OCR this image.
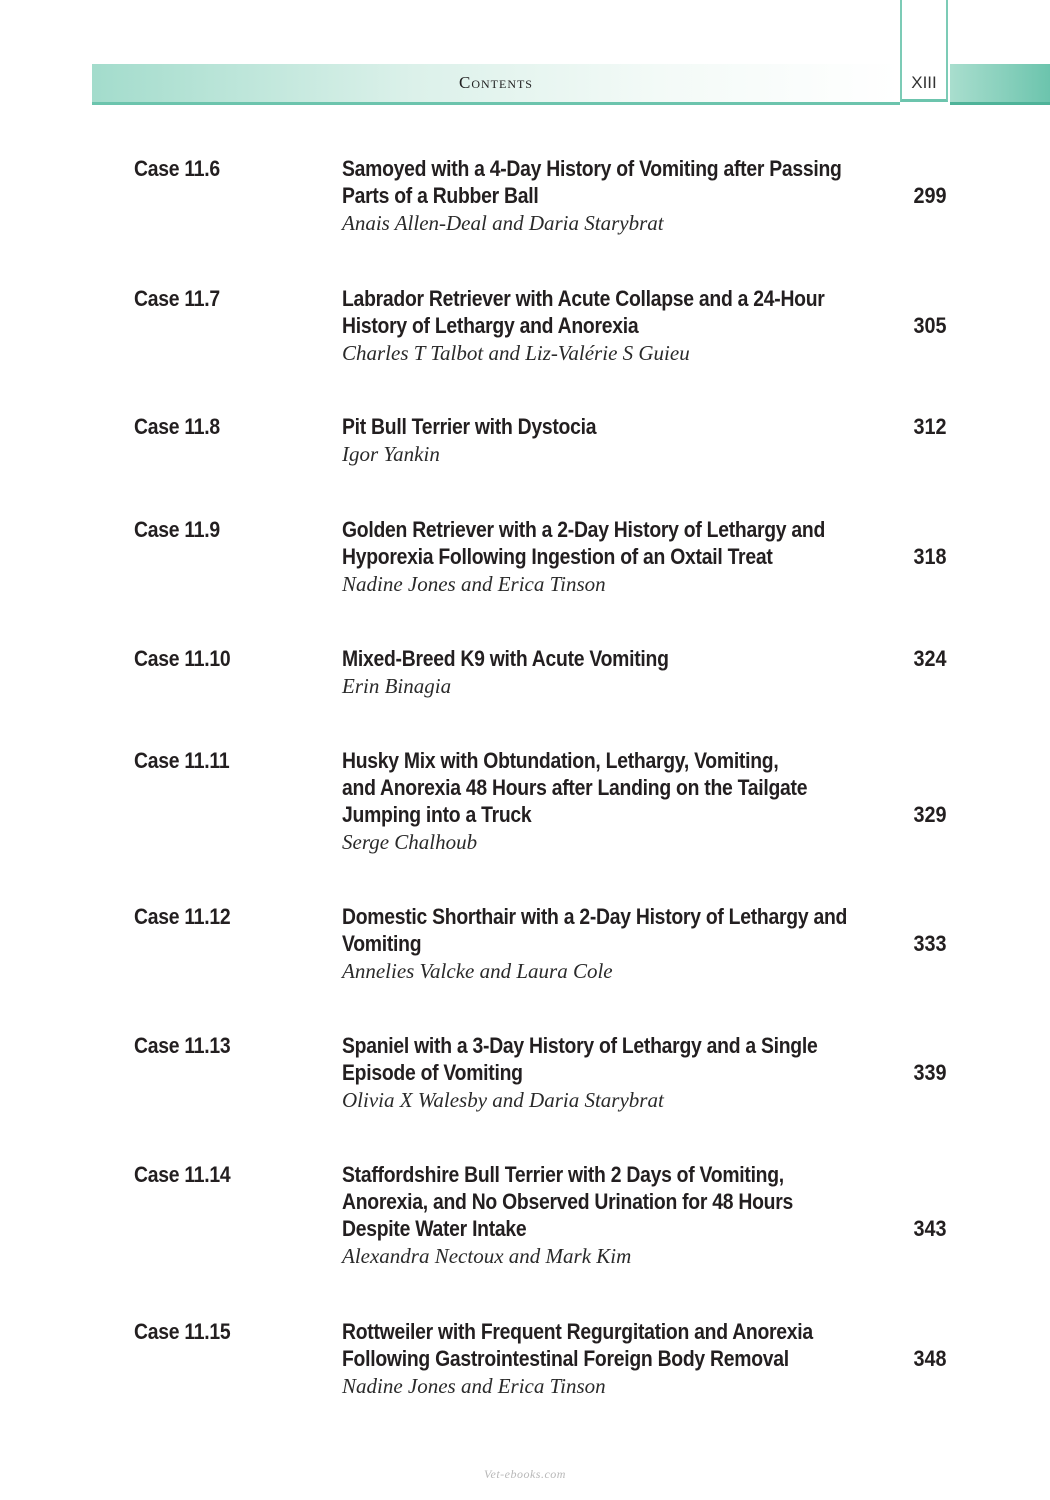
Contents	XIII
Case 11.6	Samoyed with a 4-Day History of Vomiting after Passing
Parts of a Rubber Ball
Anais Allen-Deal and Daria Starybrat
299
Case 11.7	Labrador Retriever with Acute Collapse and a 24-Hour
History of Lethargy and Anorexia
Charles T Talbot and Liz-Valérie S Guieu
305
Case 11.8	Pit Bull Terrier with Dystocia
Igor Yankin
312
Case 11.9	Golden Retriever with a 2-Day History of Lethargy and
Hyporexia Following Ingestion of an Oxtail Treat
Nadine Jones and Erica Tinson
318
Case 11.10	Mixed-Breed K9 with Acute Vomiting
Erin Binagia
324
Case 11.11	Husky Mix with Obtundation, Lethargy, Vomiting,
and Anorexia 48 Hours after Landing on the Tailgate
Jumping into a Truck
Serge Chalhoub
329
Case 11.12	Domestic Shorthair with a 2-Day History of Lethargy and
Vomiting
Annelies Valcke and Laura Cole
333
Case 11.13	Spaniel with a 3-Day History of Lethargy and a Single
Episode of Vomiting
Olivia X Walesby and Daria Starybrat
339
Case 11.14	Staffordshire Bull Terrier with 2 Days of Vomiting,
Anorexia, and No Observed Urination for 48 Hours
Despite Water Intake
Alexandra Nectoux and Mark Kim
343
Case 11.15	Rottweiler with Frequent Regurgitation and Anorexia
Following Gastrointestinal Foreign Body Removal
Nadine Jones and Erica Tinson
348
Vet-ebooks.com
